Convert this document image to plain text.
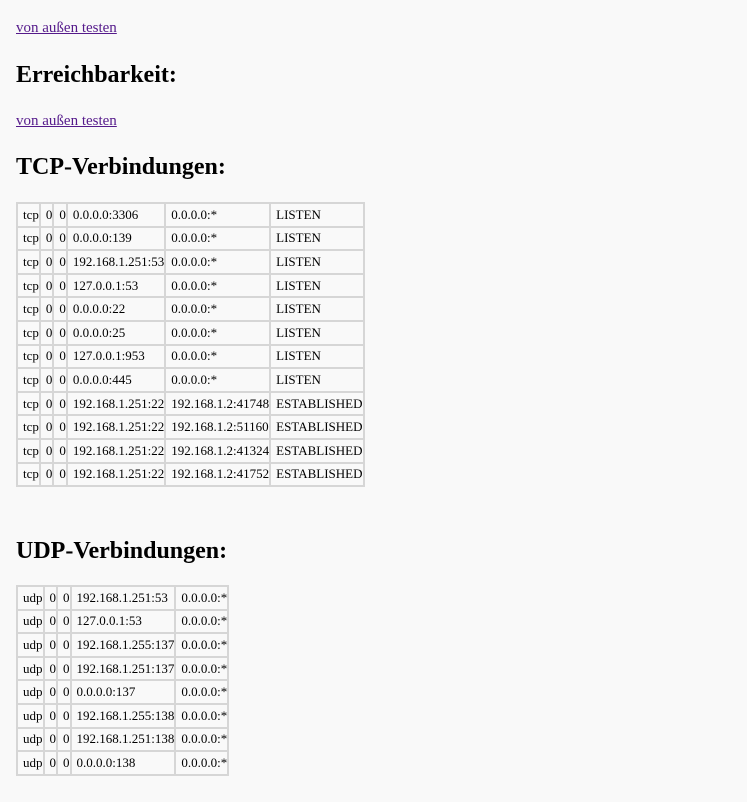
von außen testen
Erreichbarkeit:
von außen testen
TCP-Verbindungen:
tcp	0	0	0.0.0.0:3306	0.0.0.0:*	LISTEN
tcp	0	0	0.0.0.0:139	0.0.0.0:*	LISTEN
tcp	0	0	192.168.1.251:53	0.0.0.0:*	LISTEN
tcp	0	0	127.0.0.1:53	0.0.0.0:*	LISTEN
tcp	0	0	0.0.0.0:22	0.0.0.0:*	LISTEN
tcp	0	0	0.0.0.0:25	0.0.0.0:*	LISTEN
tcp	0	0	127.0.0.1:953	0.0.0.0:*	LISTEN
tcp	0	0	0.0.0.0:445	0.0.0.0:*	LISTEN
tcp	0	0	192.168.1.251:22	192.168.1.2:41748	ESTABLISHED
tcp	0	0	192.168.1.251:22	192.168.1.2:51160	ESTABLISHED
tcp	0	0	192.168.1.251:22	192.168.1.2:41324	ESTABLISHED
tcp	0	0	192.168.1.251:22	192.168.1.2:41752	ESTABLISHED
UDP-Verbindungen:
udp	0	0	192.168.1.251:53	0.0.0.0:*
udp	0	0	127.0.0.1:53	0.0.0.0:*
udp	0	0	192.168.1.255:137	0.0.0.0:*
udp	0	0	192.168.1.251:137	0.0.0.0:*
udp	0	0	0.0.0.0:137	0.0.0.0:*
udp	0	0	192.168.1.255:138	0.0.0.0:*
udp	0	0	192.168.1.251:138	0.0.0.0:*
udp	0	0	0.0.0.0:138	0.0.0.0:*
